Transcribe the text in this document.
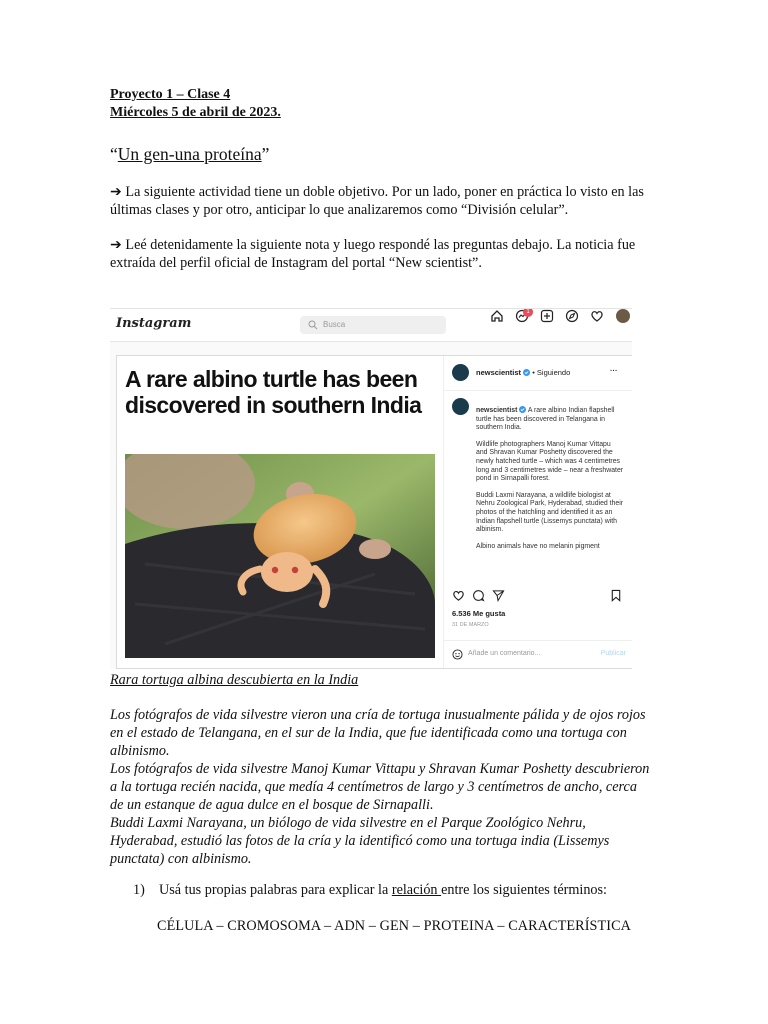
Proyecto 1 – Clase 4
Miércoles 5 de abril de 2023.
“Un gen-una proteína”
➔ La siguiente actividad tiene un doble objetivo. Por un lado, poner en práctica lo visto en las últimas clases y por otro, anticipar lo que analizaremos como “División celular”.
➔ Leé detenidamente la siguiente nota y luego respondé las preguntas debajo. La noticia fue extraída del perfil oficial de Instagram del portal “New scientist”.
Instagram	Busca
1
A rare albino turtle has been discovered in southern India
newscientist • Siguiendo	···

newscientist A rare albino Indian flapshell turtle has been discovered in Telangana in southern India.

Wildlife photographers Manoj Kumar Vittapu and Shravan Kumar Poshetty discovered the newly hatched turtle – which was 4 centimetres long and 3 centimetres wide – near a freshwater pond in Sirnapalli forest.

Buddi Laxmi Narayana, a wildlife biologist at Nehru Zoological Park, Hyderabad, studied their photos of the hatchling and identified it as an Indian flapshell turtle (Lissemys punctata) with albinism.

Albino animals have no melanin pigment

6.536 Me gusta
31 DE MARZO
Añade un comentario...	Publicar
Rara tortuga albina descubierta en la India
Los fotógrafos de vida silvestre vieron una cría de tortuga inusualmente pálida y de ojos rojos en el estado de Telangana, en el sur de la India, que fue identificada como una tortuga con albinismo.
Los fotógrafos de vida silvestre Manoj Kumar Vittapu y Shravan Kumar Poshetty descubrieron a la tortuga recién nacida, que medía 4 centímetros de largo y 3 centímetros de ancho, cerca de un estanque de agua dulce en el bosque de Sirnapalli.
Buddi Laxmi Narayana, un biólogo de vida silvestre en el Parque Zoológico Nehru, Hyderabad, estudió las fotos de la cría y la identificó como una tortuga india (Lissemys punctata) con albinismo.
1) Usá tus propias palabras para explicar la relación entre los siguientes términos:
CÉLULA – CROMOSOMA – ADN – GEN – PROTEINA – CARACTERÍSTICA
